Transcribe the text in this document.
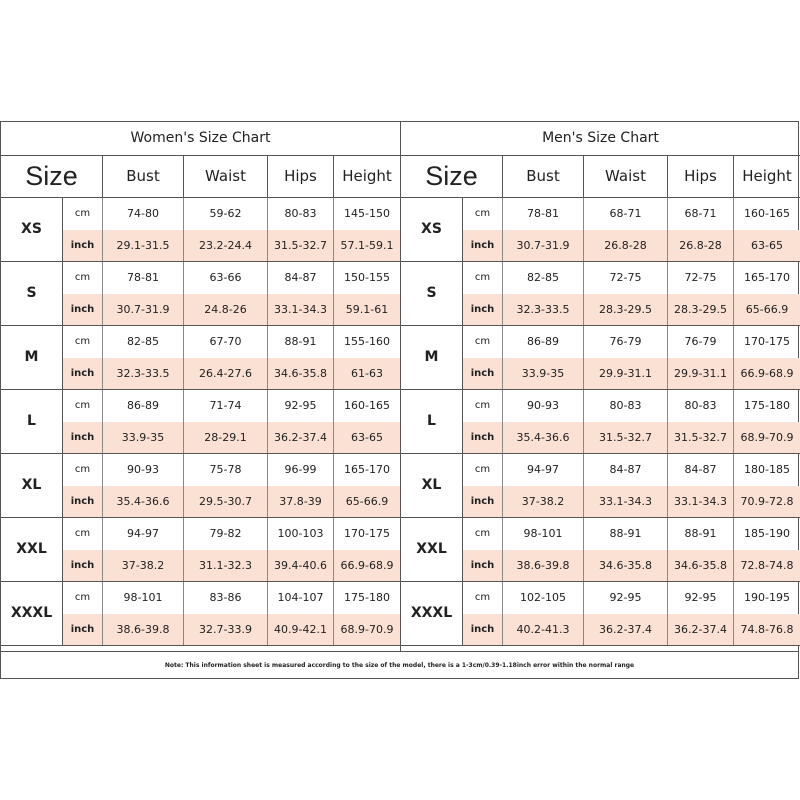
Women's Size Chart
Size	Bust	Waist	Hips	Height
XS
cm	74-80	59-62	80-83	145-150
inch	29.1-31.5	23.2-24.4	31.5-32.7	57.1-59.1
S
cm	78-81	63-66	84-87	150-155
inch	30.7-31.9	24.8-26	33.1-34.3	59.1-61
M
cm	82-85	67-70	88-91	155-160
inch	32.3-33.5	26.4-27.6	34.6-35.8	61-63
L
cm	86-89	71-74	92-95	160-165
inch	33.9-35	28-29.1	36.2-37.4	63-65
XL
cm	90-93	75-78	96-99	165-170
inch	35.4-36.6	29.5-30.7	37.8-39	65-66.9
XXL
cm	94-97	79-82	100-103	170-175
inch	37-38.2	31.1-32.3	39.4-40.6	66.9-68.9
XXXL
cm	98-101	83-86	104-107	175-180
inch	38.6-39.8	32.7-33.9	40.9-42.1	68.9-70.9
Men's Size Chart
Size	Bust	Waist	Hips	Height
XS
cm	78-81	68-71	68-71	160-165
inch	30.7-31.9	26.8-28	26.8-28	63-65
S
cm	82-85	72-75	72-75	165-170
inch	32.3-33.5	28.3-29.5	28.3-29.5	65-66.9
M
cm	86-89	76-79	76-79	170-175
inch	33.9-35	29.9-31.1	29.9-31.1	66.9-68.9
L
cm	90-93	80-83	80-83	175-180
inch	35.4-36.6	31.5-32.7	31.5-32.7	68.9-70.9
XL
cm	94-97	84-87	84-87	180-185
inch	37-38.2	33.1-34.3	33.1-34.3	70.9-72.8
XXL
cm	98-101	88-91	88-91	185-190
inch	38.6-39.8	34.6-35.8	34.6-35.8	72.8-74.8
XXXL
cm	102-105	92-95	92-95	190-195
inch	40.2-41.3	36.2-37.4	36.2-37.4	74.8-76.8
Note: This information sheet is measured according to the size of the model, there is a 1-3cm/0.39-1.18inch error within the normal range
